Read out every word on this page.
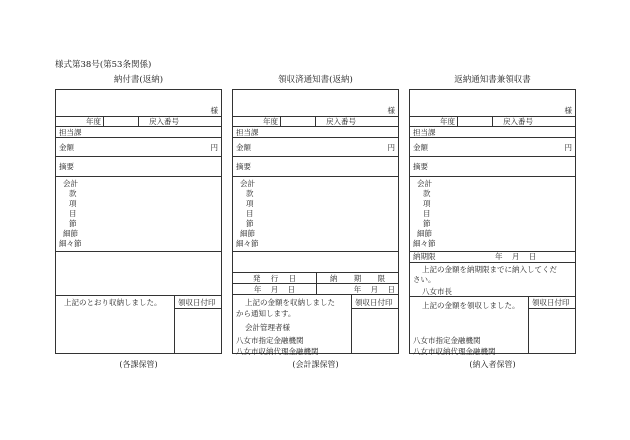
様式第38号(第53条関係)
納付書(返納)	領収済通知書(返納)	返納通知書兼領収書
様
年度	戻入番号
担当課
金額	円
摘要
会計
款
項
目
節
細節
細々節
上記のとおり収納しました。 領収日付印
様
年度	戻入番号
担当課
金額	円
摘要
会計
款
項
目
節
細節
細々節
発 行 日	納 期 限
年 月 日	年 月 日
上記の金額を収納しました
から通知します。
会計管理者様
八女市指定金融機関
八女市収納代理金融機関
領収日付印
様
年度	戻入番号
担当課
金額	円
摘要
会計
款
項
目
節
細節
細々節
納期限	年 月 日
上記の金額を納期限までに納入してくだ
さい。
八女市長
上記の金額を領収しました。
八女市指定金融機関
八女市収納代理金融機関
領収日付印
(各課保管)	(会計課保管)	(納入者保管)
